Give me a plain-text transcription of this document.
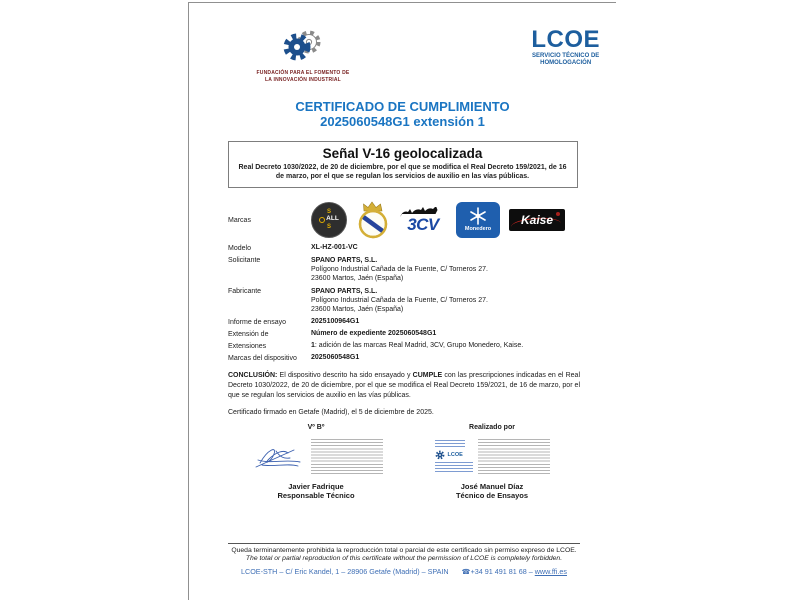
FUNDACIÓN PARA EL FOMENTO DE
LA INNOVACIÓN INDUSTRIAL
LCOE
SERVICIO TÉCNICO DE
HOMOLOGACIÓN
CERTIFICADO DE CUMPLIMIENTO
2025060548G1 extensión 1
Señal V-16 geolocalizada
Real Decreto 1030/2022, de 20 de diciembre, por el que se modifica el Real Decreto 159/2021, de 16 de marzo, por el que se regulan los servicios de auxilio en las vías públicas.
Marcas
S
ALL
S	3CV	Monedero
Kaise
Modelo	XL-HZ-001-VC
Solicitante	SPANO PARTS, S.L.
Polígono Industrial Cañada de la Fuente, C/ Torneros 27.
23600 Martos, Jaén (España)
Fabricante	SPANO PARTS, S.L.
Polígono Industrial Cañada de la Fuente, C/ Torneros 27.
23600 Martos, Jaén (España)
Informe de ensayo	2025100964G1
Extensión de	Número de expediente 2025060548G1
Extensiones	1: adición de las marcas Real Madrid, 3CV, Grupo Monedero, Kaise.
Marcas del dispositivo	2025060548G1

CONCLUSIÓN: El dispositivo descrito ha sido ensayado y CUMPLE con las prescripciones indicadas en el Real Decreto 1030/2022, de 20 de diciembre, por el que se modifica el Real Decreto 159/2021, de 16 de marzo, por el que se regulan los servicios de auxilio en las vías públicas.

Certificado firmado en Getafe (Madrid), el 5 de diciembre de 2025.

Vº Bº
Javier Fadrique
Responsable Técnico
Realizado por
LCOE
José Manuel Díaz
Técnico de Ensayos
Queda terminantemente prohibida la reproducción total o parcial de este certificado sin permiso expreso de LCOE.
The total or partial reproduction of this certificate without the permission of LCOE is completely forbidden.
LCOE-STH – C/ Eric Kandel, 1 – 28906 Getafe (Madrid) – SPAIN ☎+34 91 491 81 68 – www.ffi.es
